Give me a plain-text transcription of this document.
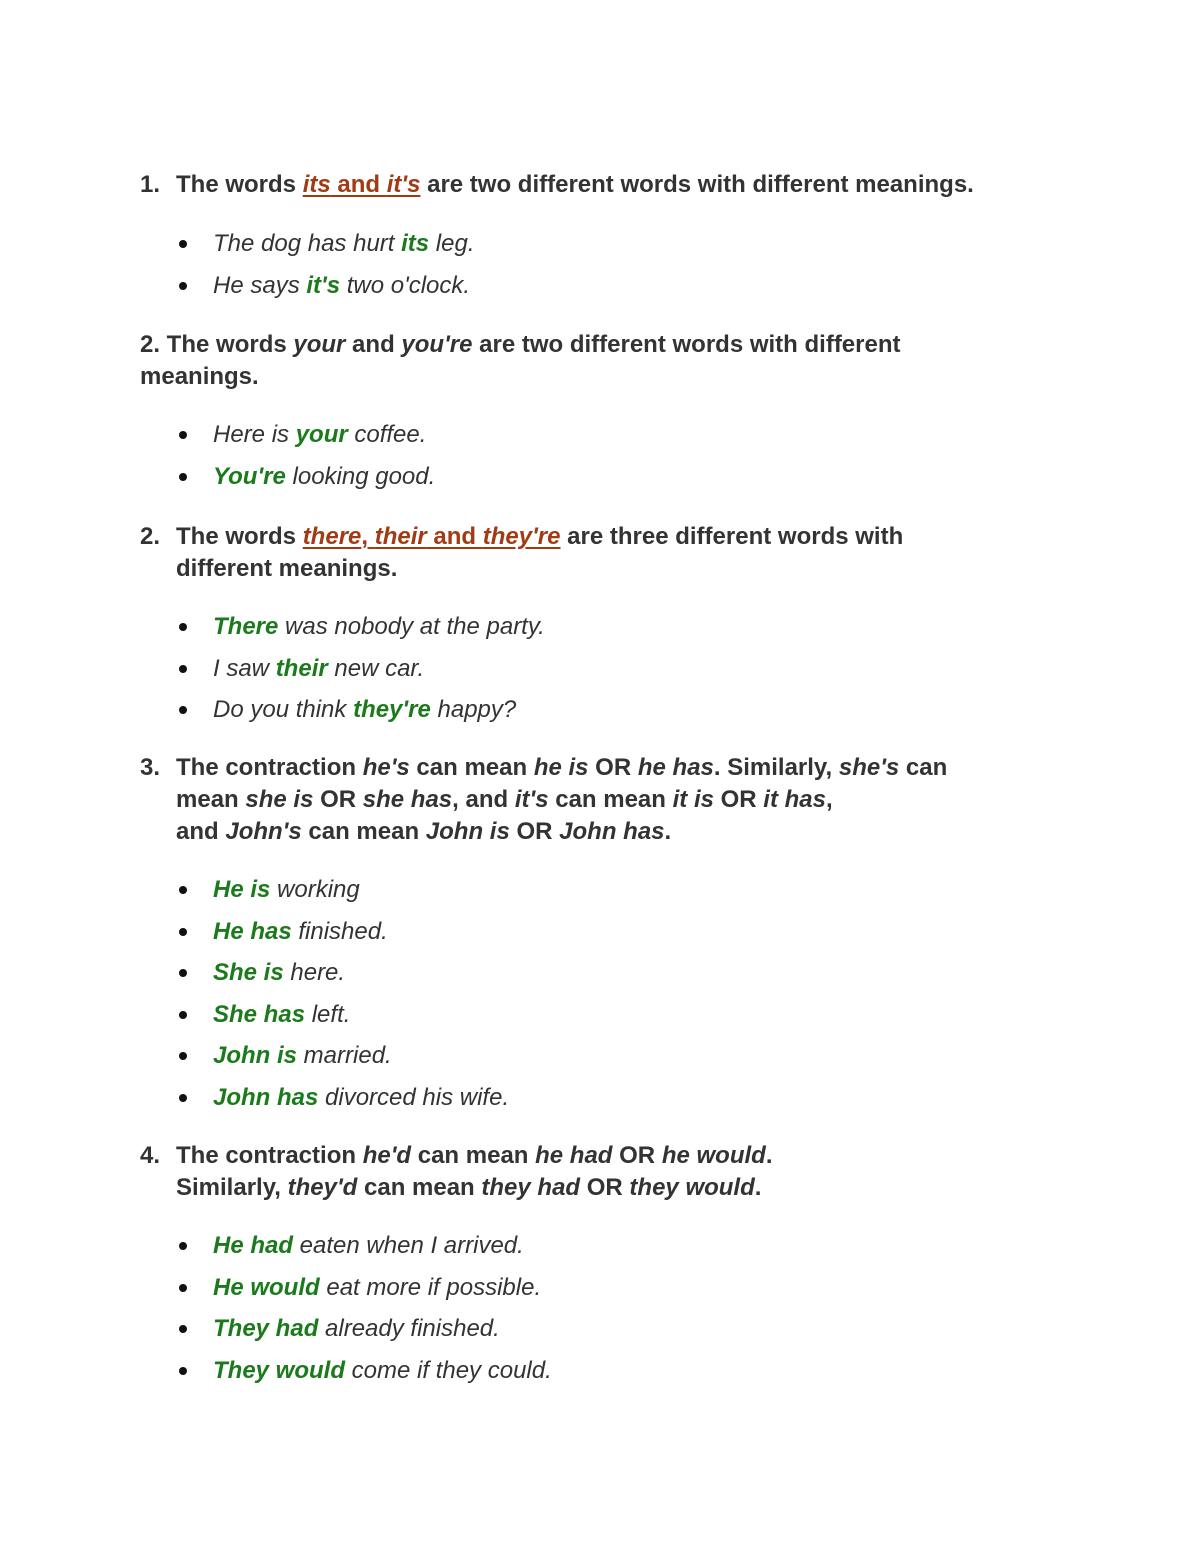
1. The words its and it's are two different words with different meanings.
The dog has hurt its leg.
He says it's two o'clock.
2. The words your and you're are two different words with different
meanings.
Here is your coffee.
You're looking good.
2. The words there, their and they're are three different words with
different meanings.
There was nobody at the party.
I saw their new car.
Do you think they're happy?
3. The contraction he's can mean he is OR he has. Similarly, she's can
mean she is OR she has, and it's can mean it is OR it has,
and John's can mean John is OR John has.
He is working
He has finished.
She is here.
She has left.
John is married.
John has divorced his wife.
4. The contraction he'd can mean he had OR he would.
Similarly, they'd can mean they had OR they would.
He had eaten when I arrived.
He would eat more if possible.
They had already finished.
They would come if they could.
